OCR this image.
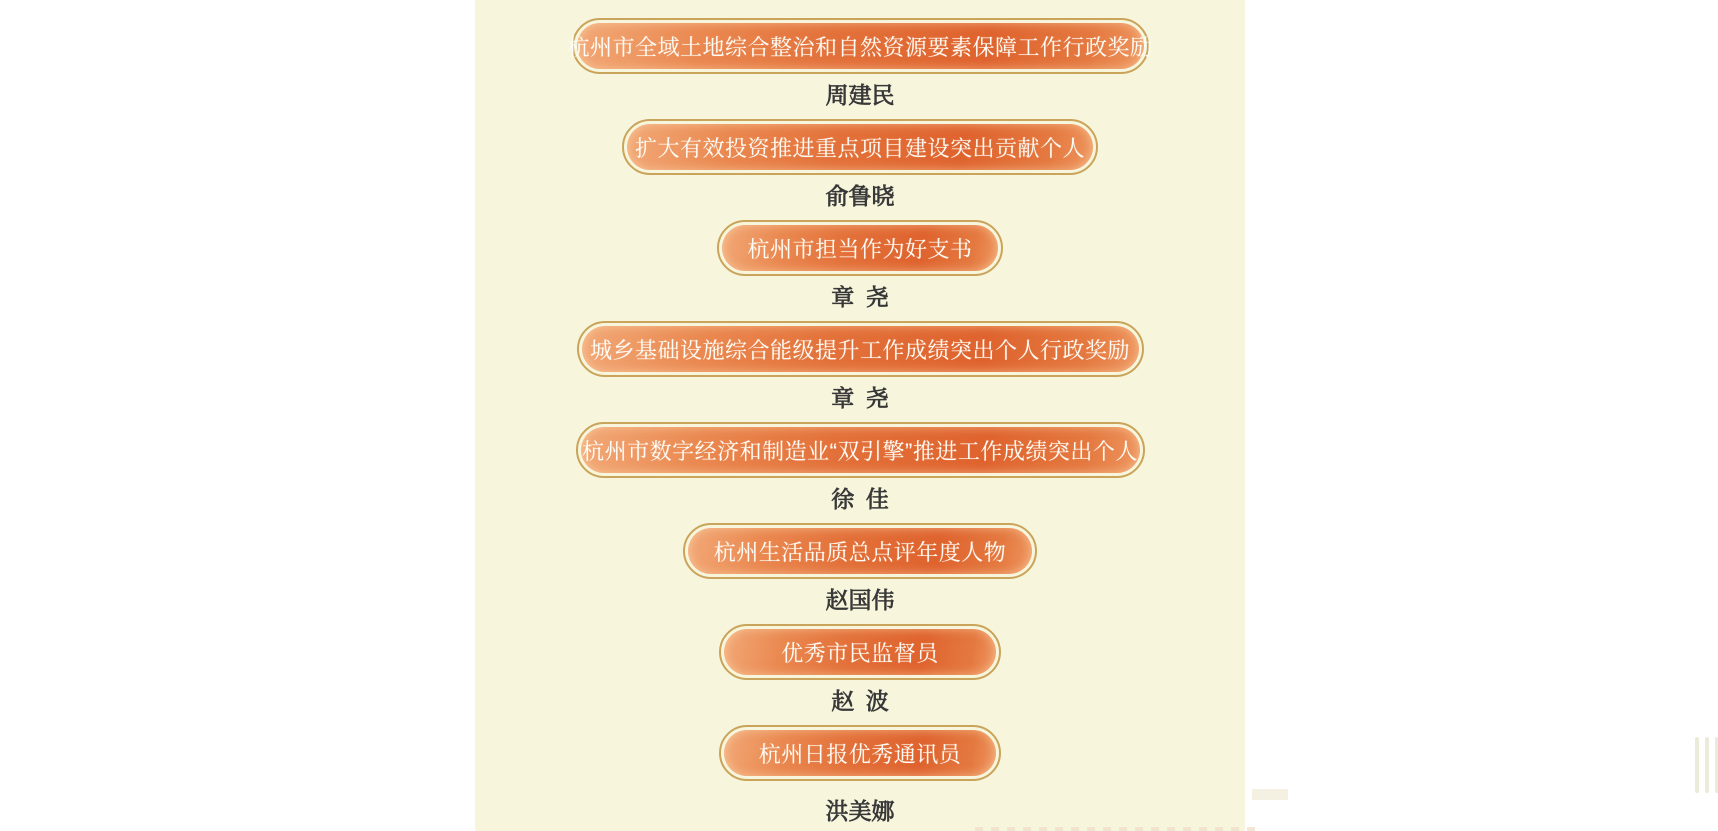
杭州市全域土地综合整治和自然资源要素保障工作行政奖励
周建民
扩大有效投资推进重点项目建设突出贡献个人
俞鲁晓
杭州市担当作为好支书
章 尧
城乡基础设施综合能级提升工作成绩突出个人行政奖励
章 尧
杭州市数字经济和制造业“双引擎”推进工作成绩突出个人
徐 佳
杭州生活品质总点评年度人物
赵国伟
优秀市民监督员
赵 波
杭州日报优秀通讯员
洪美娜
